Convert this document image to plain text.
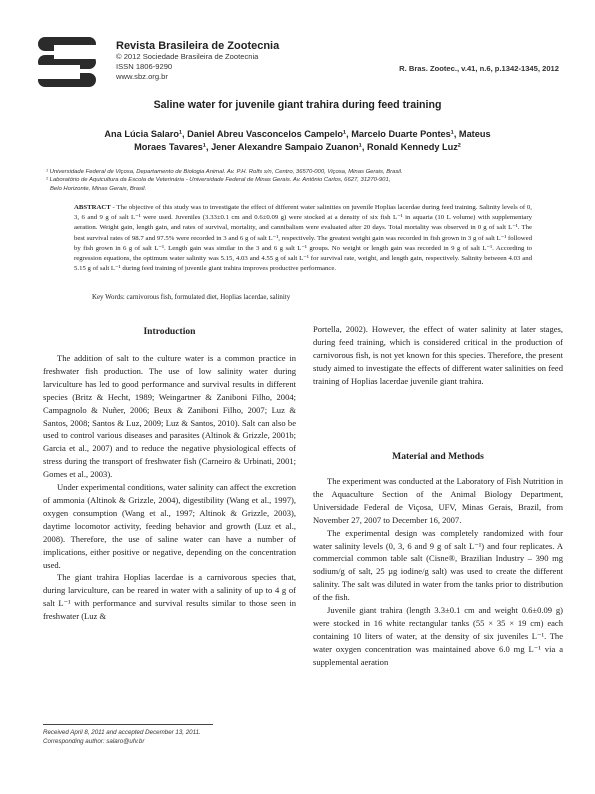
Revista Brasileira de Zootecnia
© 2012 Sociedade Brasileira de Zootecnia
ISSN 1806-9290
www.sbz.org.br
R. Bras. Zootec., v.41, n.6, p.1342-1345, 2012
Saline water for juvenile giant trahira during feed training
Ana Lúcia Salaro¹, Daniel Abreu Vasconcelos Campelo¹, Marcelo Duarte Pontes¹, Mateus
Moraes Tavares¹, Jener Alexandre Sampaio Zuanon¹, Ronald Kennedy Luz²
¹ Universidade Federal de Viçosa, Departamento de Biologia Animal. Av. P.H. Rolfs s/n, Centro, 36570-000, Viçosa, Minas Gerais, Brasil.
² Laboratório de Aquicultura da Escola de Veterinária - Universidade Federal de Minas Gerais. Av. Antônio Carlos, 6627, 31270-901,
Belo Horizonte, Minas Gerais, Brasil.
ABSTRACT - The objective of this study was to investigate the effect of different water salinities on juvenile Hoplias lacerdae during feed training. Salinity levels of 0, 3, 6 and 9 g of salt L⁻¹ were used. Juveniles (3.33±0.1 cm and 0.6±0.09 g) were stocked at a density of six fish L⁻¹ in aquaria (10 L volume) with supplementary aeration. Weight gain, length gain, and rates of survival, mortality, and cannibalism were evaluated after 20 days. Total mortality was observed in 0 g of salt L⁻¹. The best survival rates of 98.7 and 97.5% were recorded in 3 and 6 g of salt L⁻¹, respectively. The greatest weight gain was recorded in fish grown in 3 g of salt L⁻¹ followed by fish grown in 6 g of salt L⁻¹. Length gain was similar in the 3 and 6 g salt L⁻¹ groups. No weight or length gain was recorded in 9 g of salt L⁻¹. According to regression equations, the optimum water salinity was 5.15, 4.03 and 4.55 g of salt L⁻¹ for survival rate, weight, and length gain, respectively. Salinity between 4.03 and 5.15 g of salt L⁻¹ during feed training of juvenile giant trahira improves productive performance.
Key Words: carnivorous fish, formulated diet, Hoplias lacerdae, salinity
Introduction

The addition of salt to the culture water is a common practice in freshwater fish production. The use of low salinity water during larviculture has led to good performance and survival results in different species (Britz & Hecht, 1989; Weingartner & Zaniboni Filho, 2004; Campagnolo & Nuñer, 2006; Beux & Zaniboni Filho, 2007; Luz & Santos, 2008; Santos & Luz, 2009; Luz & Santos, 2010). Salt can also be used to control various diseases and parasites (Altinok & Grizzle, 2001b; Garcia et al., 2007) and to reduce the negative physiological effects of stress during the transport of freshwater fish (Carneiro & Urbinati, 2001; Gomes et al., 2003).

Under experimental conditions, water salinity can affect the excretion of ammonia (Altinok & Grizzle, 2004), digestibility (Wang et al., 1997), oxygen consumption (Wang et al., 1997; Altinok & Grizzle, 2003), daytime locomotor activity, feeding behavior and growth (Luz et al., 2008). Therefore, the use of saline water can have a number of implications, either positive or negative, depending on the concentration used.

The giant trahira Hoplias lacerdae is a carnivorous species that, during larviculture, can be reared in water with a salinity of up to 4 g of salt L⁻¹ with performance and survival results similar to those seen in freshwater (Luz &

Portella, 2002). However, the effect of water salinity at later stages, during feed training, which is considered critical in the production of carnivorous fish, is not yet known for this species. Therefore, the present study aimed to investigate the effects of different water salinities on feed training of Hoplias lacerdae juvenile giant trahira.

Material and Methods

The experiment was conducted at the Laboratory of Fish Nutrition in the Aquaculture Section of the Animal Biology Department, Universidade Federal de Viçosa, UFV, Minas Gerais, Brazil, from November 27, 2007 to December 16, 2007.

The experimental design was completely randomized with four water salinity levels (0, 3, 6 and 9 g of salt L⁻¹) and four replicates. A commercial common table salt (Cisne®, Brazilian Industry – 390 mg sodium/g of salt, 25 µg iodine/g salt) was used to create the different salinity. The salt was diluted in water from the tanks prior to distribution of the fish.

Juvenile giant trahira (length 3.3±0.1 cm and weight 0.6±0.09 g) were stocked in 16 white rectangular tanks (55 × 35 × 19 cm) each containing 10 liters of water, at the density of six juveniles L⁻¹. The water oxygen concentration was maintained above 6.0 mg L⁻¹ via a supplemental aeration

Received April 8, 2011 and accepted December 13, 2011.
Corresponding author: salaro@ufv.br
